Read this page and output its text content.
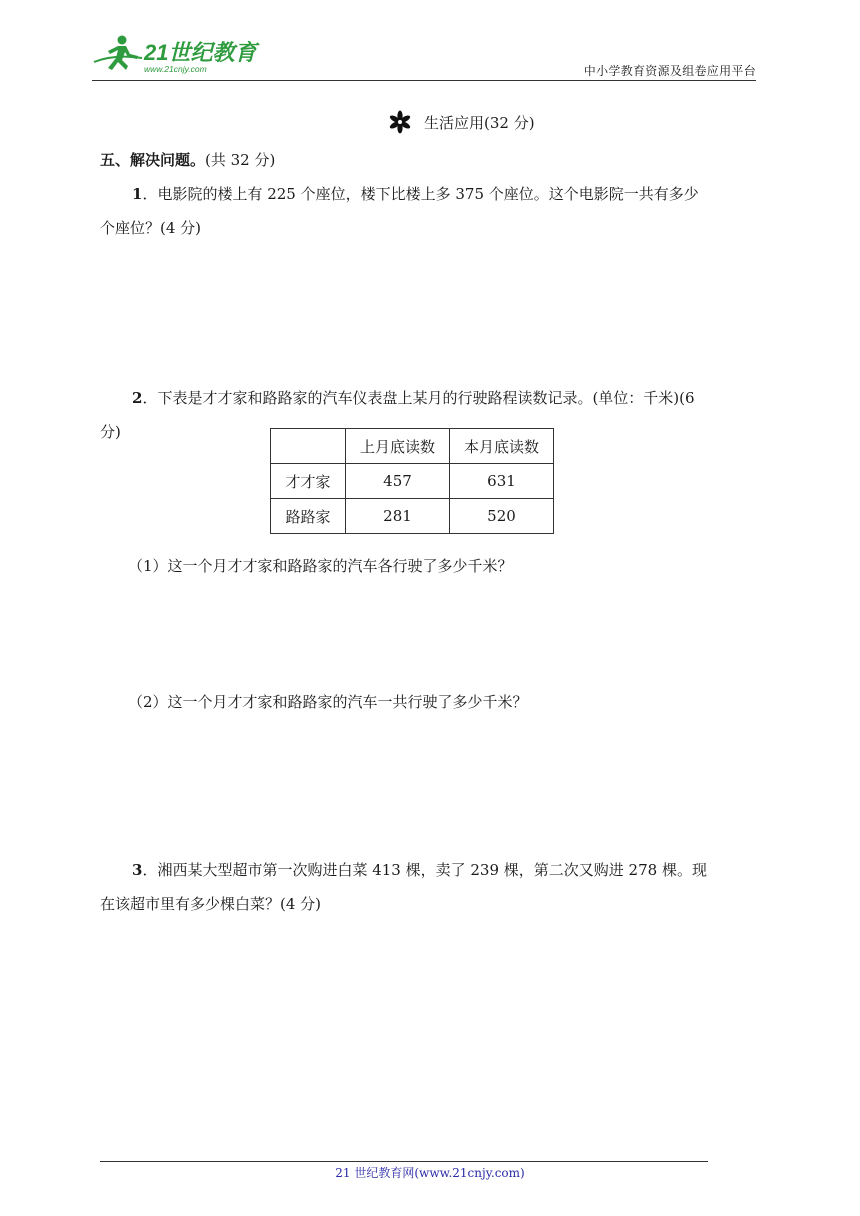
21世纪教育
www.21cnjy.com	中小学教育资源及组卷应用平台
生活应用(32 分)
五、解决问题。(共 32 分)
1．电影院的楼上有 225 个座位，楼下比楼上多 375 个座位。这个电影院一共有多少
个座位？(4 分)
2．下表是才才家和路路家的汽车仪表盘上某月的行驶路程读数记录。(单位：千米)(6
分)
	上月底读数	本月底读数
才才家	457	631
路路家	281	520
（1）这一个月才才家和路路家的汽车各行驶了多少千米？
（2）这一个月才才家和路路家的汽车一共行驶了多少千米？
3．湘西某大型超市第一次购进白菜 413 棵，卖了 239 棵，第二次又购进 278 棵。现
在该超市里有多少棵白菜？(4 分)
21 世纪教育网(www.21cnjy.com)
